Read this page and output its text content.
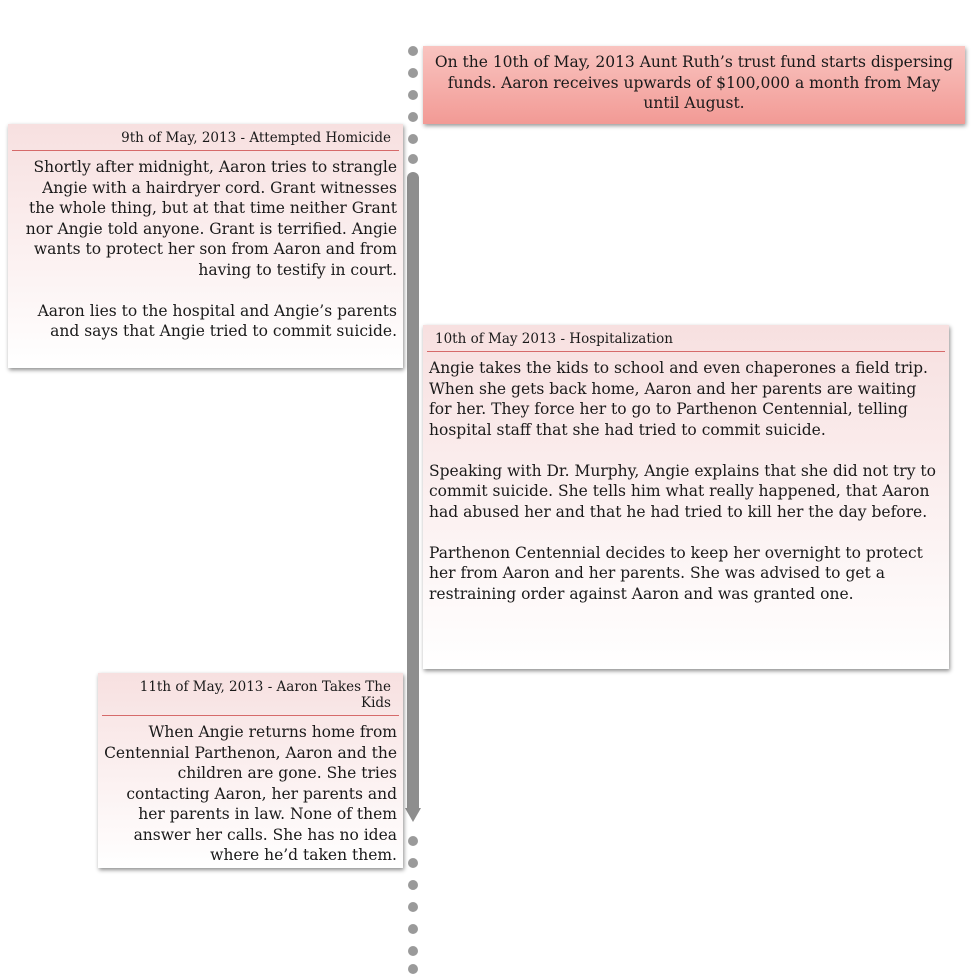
On the 10th of May, 2013 Aunt Ruth’s trust fund starts dispersing funds. Aaron receives upwards of $100,000 a month from May until August.
9th of May, 2013 - Attempted Homicide
Shortly after midnight, Aaron tries to strangle Angie with a hairdryer cord. Grant witnesses the whole thing, but at that time neither Grant nor Angie told anyone. Grant is terrified. Angie wants to protect her son from Aaron and from having to testify in court.

Aaron lies to the hospital and Angie’s parents and says that Angie tried to commit suicide.	10th of May 2013 - Hospitalization
Angie takes the kids to school and even chaperones a field trip. When she gets back home, Aaron and her parents are waiting for her. They force her to go to Parthenon Centennial, telling hospital staff that she had tried to commit suicide.

Speaking with Dr. Murphy, Angie explains that she did not try to commit suicide. She tells him what really happened, that Aaron had abused her and that he had tried to kill her the day before.

Parthenon Centennial decides to keep her overnight to protect her from Aaron and her parents. She was advised to get a restraining order against Aaron and was granted one.
11th of May, 2013 - Aaron Takes The Kids
When Angie returns home from Centennial Parthenon, Aaron and the children are gone. She tries contacting Aaron, her parents and her parents in law. None of them answer her calls. She has no idea where he’d taken them.
